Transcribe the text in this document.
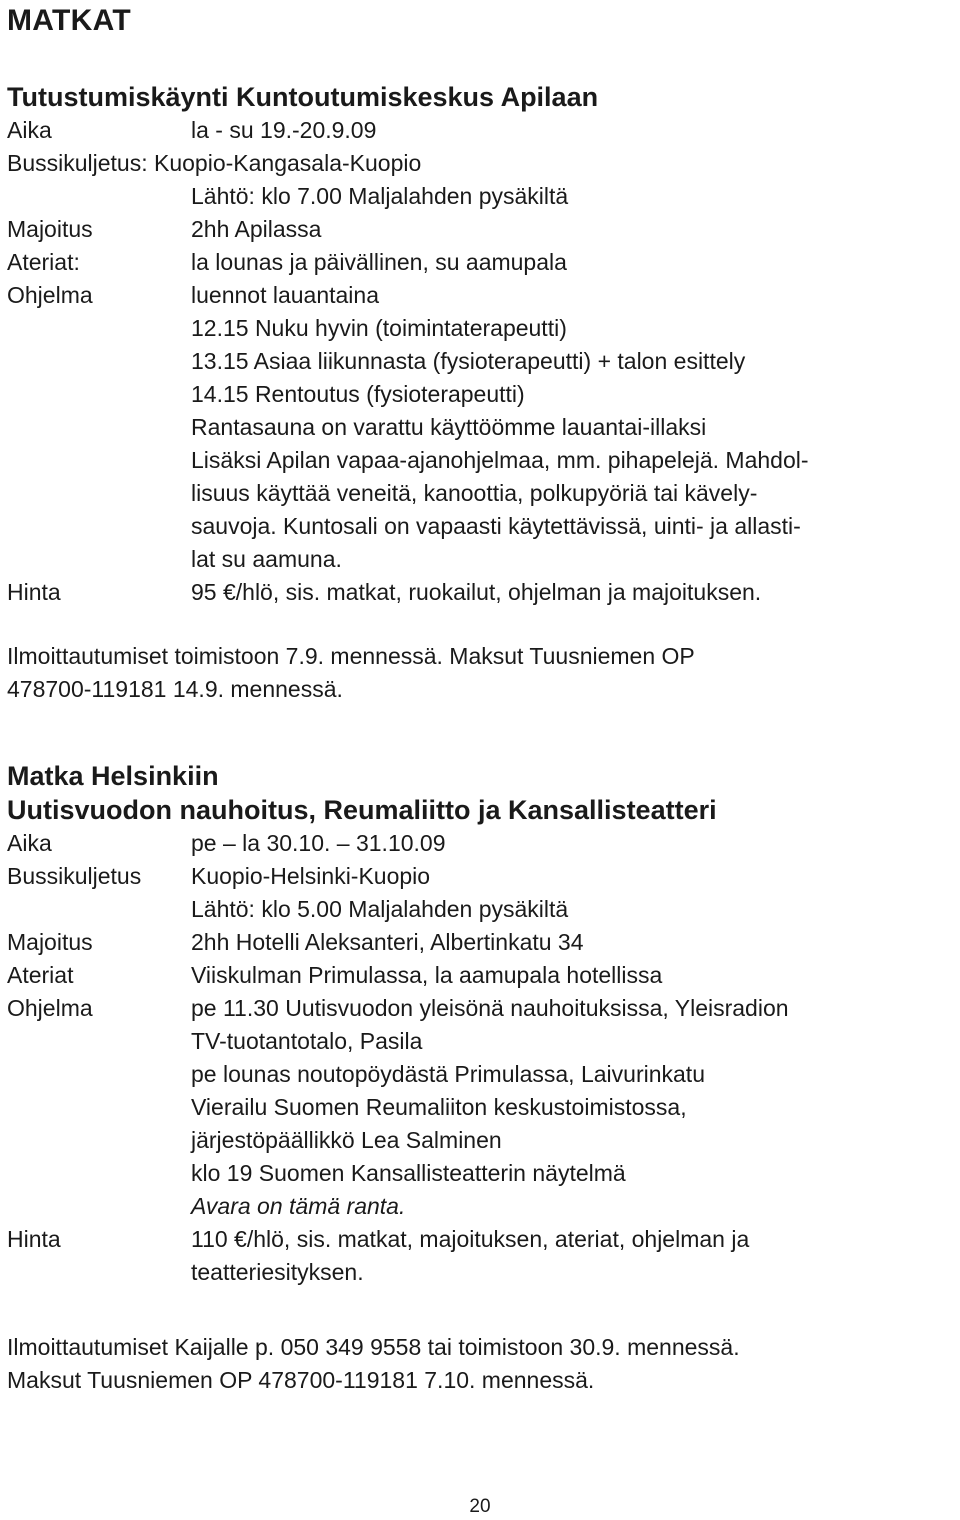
MATKAT
Tutustumiskäynti Kuntoutumiskeskus Apilaan
Aika	la - su 19.-20.9.09
Bussikuljetus: Kuopio-Kangasala-Kuopio
Lähtö: klo 7.00 Maljalahden pysäkiltä
Majoitus	2hh Apilassa
Ateriat:	la lounas ja päivällinen, su aamupala
Ohjelma	luennot lauantaina
12.15 Nuku hyvin (toimintaterapeutti)
13.15 Asiaa liikunnasta (fysioterapeutti) + talon esittely
14.15 Rentoutus (fysioterapeutti)
Rantasauna on varattu käyttöömme lauantai-illaksi
Lisäksi Apilan vapaa-ajanohjelmaa, mm. pihapelejä. Mahdol-
lisuus käyttää veneitä, kanoottia, polkupyöriä tai kävely-
sauvoja. Kuntosali on vapaasti käytettävissä, uinti- ja allasti-
lat su aamuna.
Hinta	95 €/hlö, sis. matkat, ruokailut, ohjelman ja majoituksen.
Ilmoittautumiset toimistoon 7.9. mennessä. Maksut Tuusniemen OP
478700-119181 14.9. mennessä.
Matka Helsinkiin
Uutisvuodon nauhoitus, Reumaliitto ja Kansallisteatteri
Aika	pe – la 30.10. – 31.10.09
Bussikuljetus	Kuopio-Helsinki-Kuopio
Lähtö: klo 5.00 Maljalahden pysäkiltä
Majoitus	2hh Hotelli Aleksanteri, Albertinkatu 34
Ateriat	Viiskulman Primulassa, la aamupala hotellissa
Ohjelma	pe 11.30 Uutisvuodon yleisönä nauhoituksissa, Yleisradion
TV-tuotantotalo, Pasila
pe lounas noutopöydästä Primulassa, Laivurinkatu
Vierailu Suomen Reumaliiton keskustoimistossa,
järjestöpäällikkö Lea Salminen
klo 19 Suomen Kansallisteatterin näytelmä
Avara on tämä ranta.
Hinta	110 €/hlö, sis. matkat, majoituksen, ateriat, ohjelman ja
teatteriesityksen.
Ilmoittautumiset Kaijalle p. 050 349 9558 tai toimistoon 30.9. mennessä.
Maksut Tuusniemen OP 478700-119181 7.10. mennessä.
20
